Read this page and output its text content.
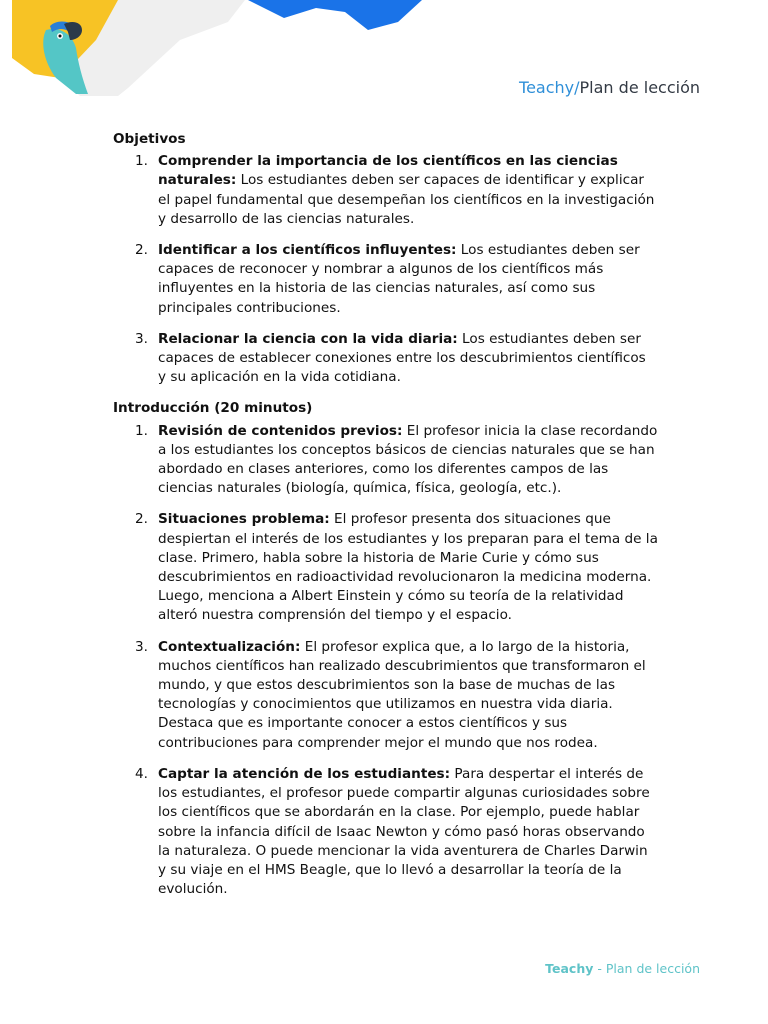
Teachy/Plan de lección
Objetivos
1. Comprender la importancia de los científicos en las ciencias naturales: Los estudiantes deben ser capaces de identificar y explicar el papel fundamental que desempeñan los científicos en la investigación y desarrollo de las ciencias naturales.
2. Identificar a los científicos influyentes: Los estudiantes deben ser capaces de reconocer y nombrar a algunos de los científicos más influyentes en la historia de las ciencias naturales, así como sus principales contribuciones.
3. Relacionar la ciencia con la vida diaria: Los estudiantes deben ser capaces de establecer conexiones entre los descubrimientos científicos y su aplicación en la vida cotidiana.
Introducción (20 minutos)
1. Revisión de contenidos previos: El profesor inicia la clase recordando a los estudiantes los conceptos básicos de ciencias naturales que se han abordado en clases anteriores, como los diferentes campos de las ciencias naturales (biología, química, física, geología, etc.).
2. Situaciones problema: El profesor presenta dos situaciones que despiertan el interés de los estudiantes y los preparan para el tema de la clase. Primero, habla sobre la historia de Marie Curie y cómo sus descubrimientos en radioactividad revolucionaron la medicina moderna. Luego, menciona a Albert Einstein y cómo su teoría de la relatividad alteró nuestra comprensión del tiempo y el espacio.
3. Contextualización: El profesor explica que, a lo largo de la historia, muchos científicos han realizado descubrimientos que transformaron el mundo, y que estos descubrimientos son la base de muchas de las tecnologías y conocimientos que utilizamos en nuestra vida diaria. Destaca que es importante conocer a estos científicos y sus contribuciones para comprender mejor el mundo que nos rodea.
4. Captar la atención de los estudiantes: Para despertar el interés de los estudiantes, el profesor puede compartir algunas curiosidades sobre los científicos que se abordarán en la clase. Por ejemplo, puede hablar sobre la infancia difícil de Isaac Newton y cómo pasó horas observando la naturaleza. O puede mencionar la vida aventurera de Charles Darwin y su viaje en el HMS Beagle, que lo llevó a desarrollar la teoría de la evolución.
Teachy - Plan de lección
